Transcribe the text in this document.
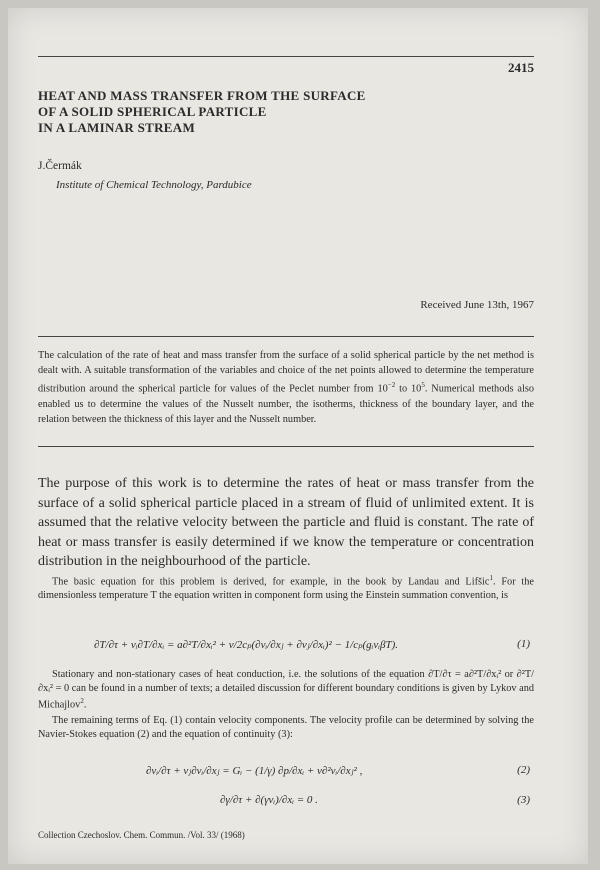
2415
HEAT AND MASS TRANSFER FROM THE SURFACE
OF A SOLID SPHERICAL PARTICLE
IN A LAMINAR STREAM
J.Čermák
Institute of Chemical Technology, Pardubice
Received June 13th, 1967
The calculation of the rate of heat and mass transfer from the surface of a solid spherical particle by the net method is dealt with. A suitable transformation of the variables and choice of the net points allowed to determine the temperature distribution around the spherical particle for values of the Peclet number from $10^{-2}$ to $10^5$. Numerical methods also enabled us to determine the values of the Nusselt number, the isotherms, thickness of the boundary layer, and the relation between the thickness of this layer and the Nusselt number.
The purpose of this work is to determine the rates of heat or mass transfer from the surface of a solid spherical particle placed in a stream of fluid of unlimited extent. It is assumed that the relative velocity between the particle and fluid is constant. The rate of heat or mass transfer is easily determined if we know the temperature or concentration distribution in the neighbourhood of the particle.
The basic equation for this problem is derived, for example, in the book by Landau and Lifšic$^1$. For the dimensionless temperature T the equation written in component form using the Einstein summation convention, is
∂T/∂τ + vᵢ∂T/∂xᵢ = a∂²T/∂xᵢ² + ν/2cₚ(∂vᵢ/∂xⱼ + ∂vⱼ/∂xᵢ)² − 1/cₚ(gᵢvᵢβT).	(1)
Stationary and non-stationary cases of heat conduction, i.e. the solutions of the equation ∂T/∂τ = a∂²T/∂xᵢ² or ∂²T/∂xᵢ² = 0 can be found in a number of texts; a detailed discussion for different boundary conditions is given by Lykov and Michajlov$^2$.
The remaining terms of Eq. (1) contain velocity components. The velocity profile can be determined by solving the Navier-Stokes equation (2) and the equation of continuity (3):
∂vᵢ/∂τ + vⱼ∂vᵢ/∂xⱼ = Gᵢ − (1/γ) ∂p/∂xᵢ + ν∂²vᵢ/∂xⱼ² ,	(2)
∂γ/∂τ + ∂(γvᵢ)/∂xᵢ = 0 .	(3)
Collection Czechoslov. Chem. Commun. /Vol. 33/ (1968)
